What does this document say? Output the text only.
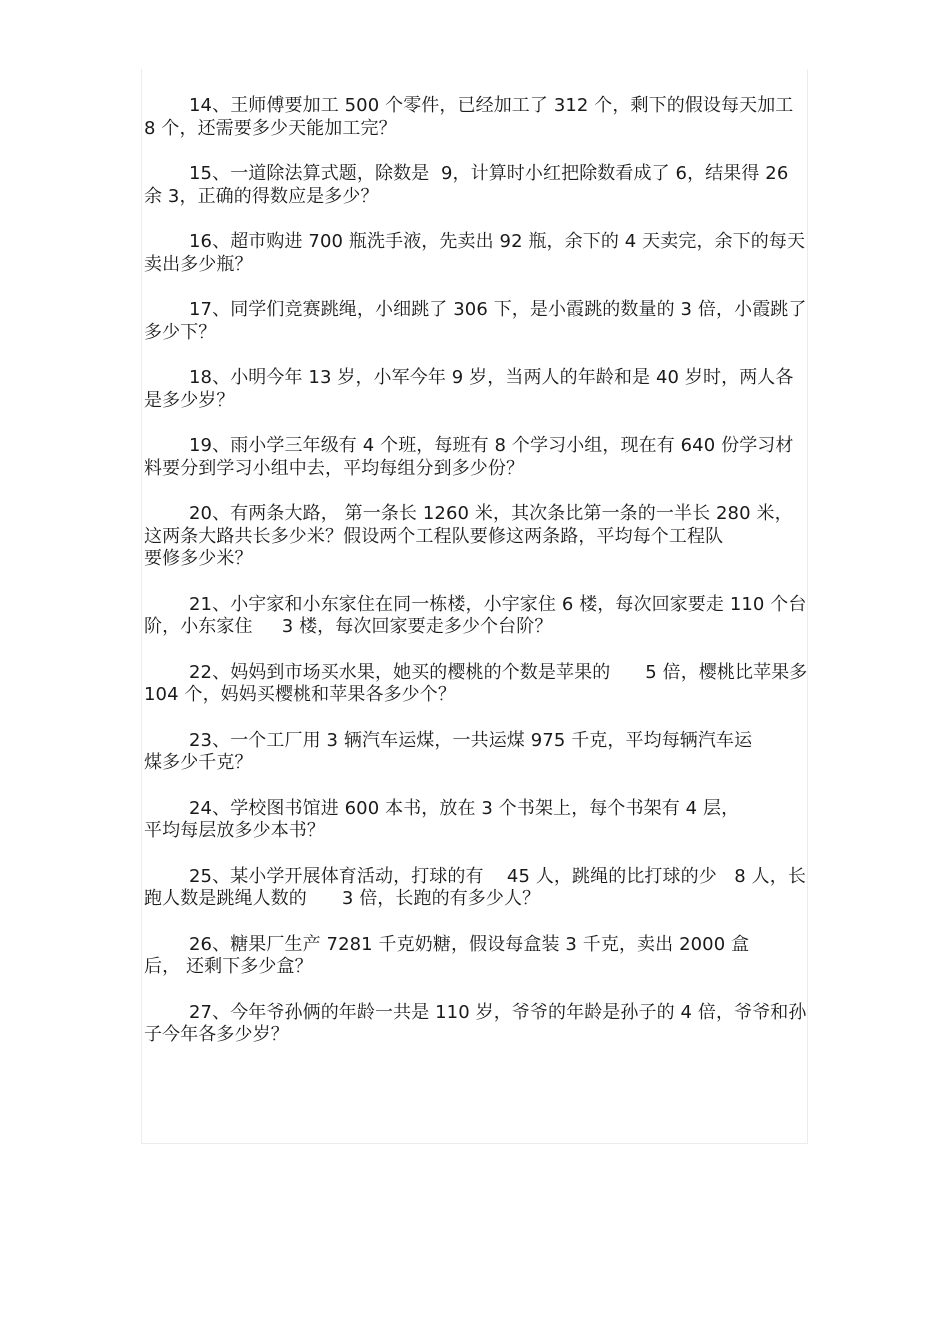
14、王师傅要加工 500 个零件，已经加工了 312 个，剩下的假设每天加工 8 个，还需要多少天能加工完？

15、一道除法算式题，除数是  9，计算时小红把除数看成了 6，结果得 26 余 3，正确的得数应是多少？

16、超市购进 700 瓶洗手液，先卖出 92 瓶，余下的 4 天卖完，余下的每天卖出多少瓶？

17、同学们竞赛跳绳，小细跳了 306 下，是小霞跳的数量的 3 倍，小霞跳了多少下？

18、小明今年 13 岁，小军今年 9 岁，当两人的年龄和是 40 岁时，两人各是多少岁？

19、雨小学三年级有 4 个班，每班有 8 个学习小组，现在有 640 份学习材料要分到学习小组中去，平均每组分到多少份？

20、有两条大路， 第一条长 1260 米，其次条比第一条的一半长 280 米，这两条大路共长多少米？假设两个工程队要修这两条路，平均每个工程队
要修多少米？

21、小宇家和小东家住在同一栋楼，小宇家住 6 楼，每次回家要走 110 个台阶，小东家住     3 楼，每次回家要走多少个台阶？

22、妈妈到市场买水果，她买的樱桃的个数是苹果的      5 倍，樱桃比苹果多  104 个，妈妈买樱桃和苹果各多少个？

23、一个工厂用 3 辆汽车运煤，一共运煤 975 千克，平均每辆汽车运
煤多少千克？

24、学校图书馆进 600 本书，放在 3 个书架上，每个书架有 4 层，
平均每层放多少本书？

25、某小学开展体育活动，打球的有    45 人，跳绳的比打球的少   8 人，长跑人数是跳绳人数的      3 倍，长跑的有多少人？

26、糖果厂生产 7281 千克奶糖，假设每盒装 3 千克，卖出 2000 盒
后， 还剩下多少盒？

27、今年爷孙俩的年龄一共是 110 岁，爷爷的年龄是孙子的 4 倍，爷爷和孙子今年各多少岁？
